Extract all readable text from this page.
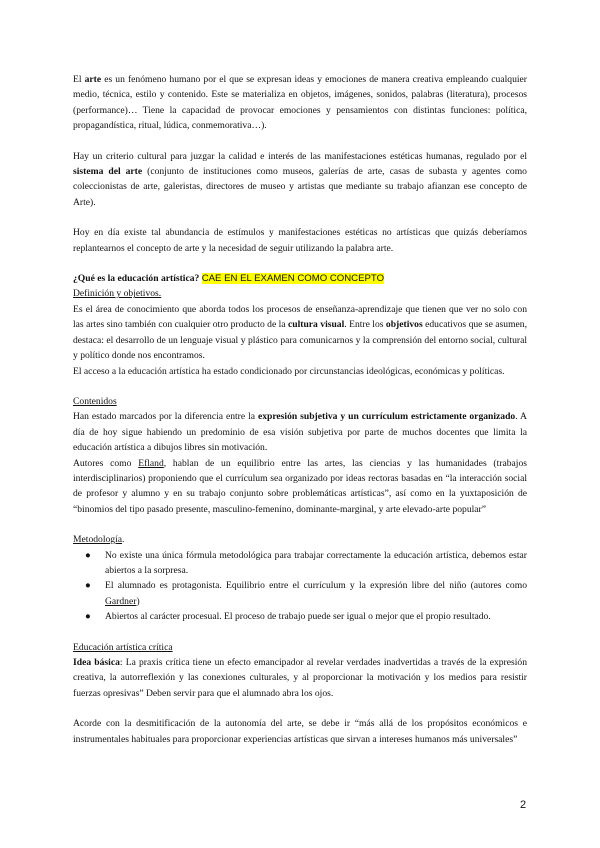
El arte es un fenómeno humano por el que se expresan ideas y emociones de manera creativa empleando cualquier medio, técnica, estilo y contenido. Este se materializa en objetos, imágenes, sonidos, palabras (literatura), procesos (performance)… Tiene la capacidad de provocar emociones y pensamientos con distintas funciones: política, propagandística, ritual, lúdica, conmemorativa…).

Hay un criterio cultural para juzgar la calidad e interés de las manifestaciones estéticas humanas, regulado por el sistema del arte (conjunto de instituciones como museos, galerías de arte, casas de subasta y agentes como coleccionistas de arte, galeristas, directores de museo y artistas que mediante su trabajo afianzan ese concepto de Arte).

Hoy en día existe tal abundancia de estímulos y manifestaciones estéticas no artísticas que quizás deberíamos replantearnos el concepto de arte y la necesidad de seguir utilizando la palabra arte.

¿Qué es la educación artística? CAE EN EL EXAMEN COMO CONCEPTO

Definición y objetivos.

Es el área de conocimiento que aborda todos los procesos de enseñanza-aprendizaje que tienen que ver no solo con las artes sino también con cualquier otro producto de la cultura visual. Entre los objetivos educativos que se asumen, destaca: el desarrollo de un lenguaje visual y plástico para comunicarnos y la comprensión del entorno social, cultural y político donde nos encontramos.

El acceso a la educación artística ha estado condicionado por circunstancias ideológicas, económicas y políticas.

Contenidos

Han estado marcados por la diferencia entre la expresión subjetiva y un currículum estrictamente organizado. A día de hoy sigue habiendo un predominio de esa visión subjetiva por parte de muchos docentes que limita la educación artística a dibujos libres sin motivación.

Autores como Efland, hablan de un equilibrio entre las artes, las ciencias y las humanidades (trabajos interdisciplinarios) proponiendo que el currículum sea organizado por ideas rectoras basadas en “la interacción social de profesor y alumno y en su trabajo conjunto sobre problemáticas artísticas”, así como en la yuxtaposición de “binomios del tipo pasado presente, masculino-femenino, dominante-marginal, y arte elevado-arte popular”

Metodología.

● No existe una única fórmula metodológica para trabajar correctamente la educación artística, debemos estar abiertos a la sorpresa.
● El alumnado es protagonista. Equilibrio entre el currículum y la expresión libre del niño (autores como Gardner)
● Abiertos al carácter procesual. El proceso de trabajo puede ser igual o mejor que el propio resultado.

Educación artística crítica

Idea básica: La praxis crítica tiene un efecto emancipador al revelar verdades inadvertidas a través de la expresión creativa, la autorreflexión y las conexiones culturales, y al proporcionar la motivación y los medios para resistir fuerzas opresivas” Deben servir para que el alumnado abra los ojos.

Acorde con la desmitificación de la autonomía del arte, se debe ir “más allá de los propósitos económicos e instrumentales habituales para proporcionar experiencias artísticas que sirvan a intereses humanos más universales”

2
